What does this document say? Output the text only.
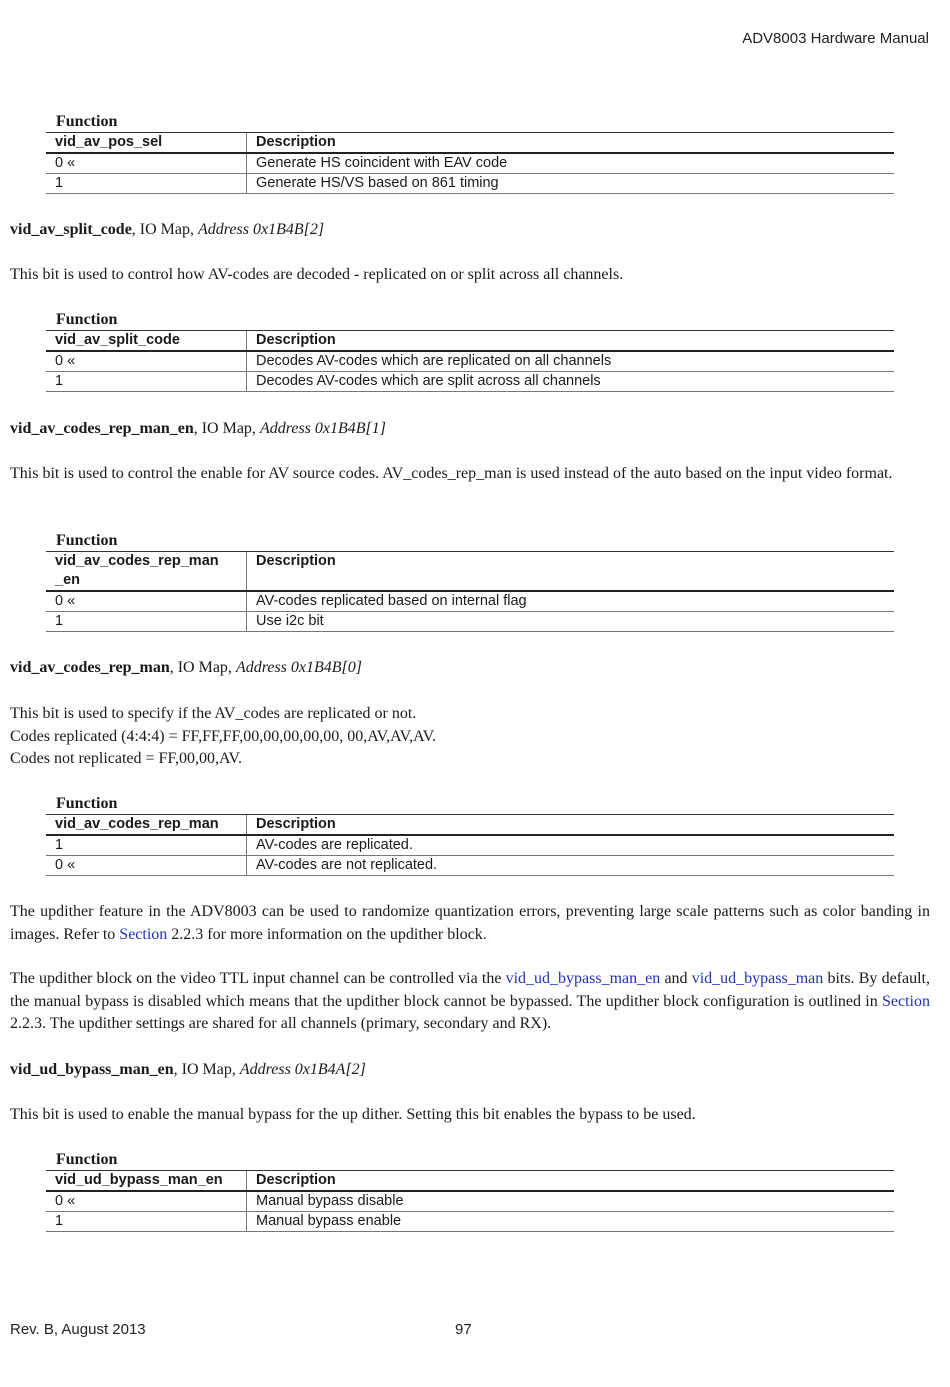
ADV8003 Hardware Manual
Function
vid_av_pos_sel	Description
0 «	Generate HS coincident with EAV code
1	Generate HS/VS based on 861 timing
vid_av_split_code, IO Map, Address 0x1B4B[2]
This bit is used to control how AV-codes are decoded - replicated on or split across all channels.
Function
vid_av_split_code	Description
0 «	Decodes AV-codes which are replicated on all channels
1	Decodes AV-codes which are split across all channels
vid_av_codes_rep_man_en, IO Map, Address 0x1B4B[1]
This bit is used to control the enable for AV source codes. AV_codes_rep_man is used instead of the auto based on the input video format.
Function
vid_av_codes_rep_man
_en	Description
0 «	AV-codes replicated based on internal flag
1	Use i2c bit
vid_av_codes_rep_man, IO Map, Address 0x1B4B[0]
This bit is used to specify if the AV_codes are replicated or not.
Codes replicated (4:4:4) = FF,FF,FF,00,00,00,00,00, 00,AV,AV,AV.
Codes not replicated = FF,00,00,AV.
Function
vid_av_codes_rep_man	Description
1	AV-codes are replicated.
0 «	AV-codes are not replicated.
The updither feature in the ADV8003 can be used to randomize quantization errors, preventing large scale patterns such as color banding in images. Refer to Section 2.2.3 for more information on the updither block.
The updither block on the video TTL input channel can be controlled via the vid_ud_bypass_man_en and vid_ud_bypass_man bits. By default, the manual bypass is disabled which means that the updither block cannot be bypassed. The updither block configuration is outlined in Section 2.2.3. The updither settings are shared for all channels (primary, secondary and RX).
vid_ud_bypass_man_en, IO Map, Address 0x1B4A[2]
This bit is used to enable the manual bypass for the up dither. Setting this bit enables the bypass to be used.
Function
vid_ud_bypass_man_en	Description
0 «	Manual bypass disable
1	Manual bypass enable
Rev. B, August 2013	97
